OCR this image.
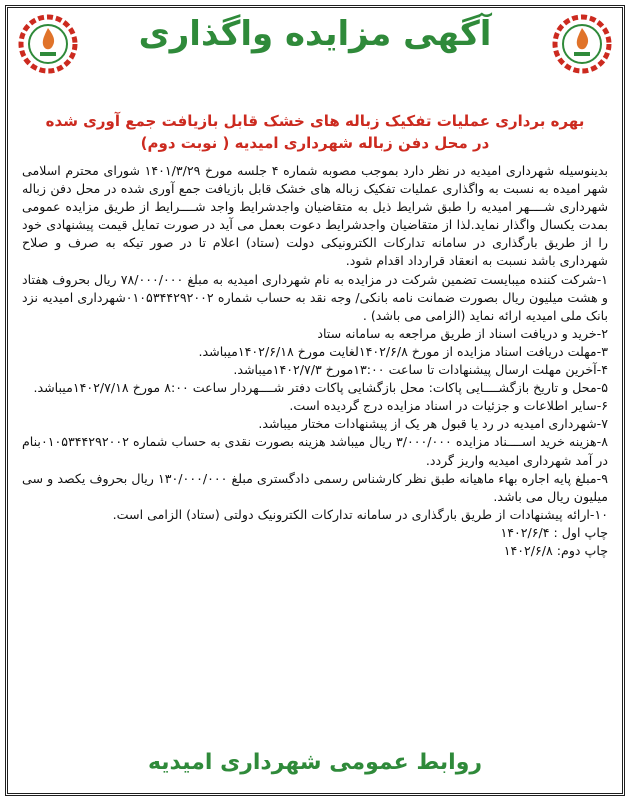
آگهی مزایده واگذاری
بهره برداری عملیات تفکیک زباله های خشک قابل بازیافت جمع آوری شده
در محل دفن زباله شهرداری امیدیه ( نوبت دوم)

بدینوسیله شهرداری امیدیه در نظر دارد بموجب مصوبه شماره ۴ جلسه مورخ ۱۴۰۱/۳/۲۹ شورای محترم اسلامی شهر امیده به نسبت به واگذاری عملیات تفکیک زباله های خشک قابل بازیافت جمع آوری شده در محل دفن زباله شهرداری شــــهر امیدیه را طبق شرایط ذیل به متقاضیان واجدشرایط واجد شــــرایط از طریق مزایده عمومی بمدت یکسال واگذار نماید.لذا از متقاضیان واجدشرایط دعوت بعمل می آید در صورت تمایل قیمت پیشنهادی خود را از طریق بارگذاری در سامانه تدارکات الکترونیکی دولت (ستاد) اعلام تا در صور تیکه به صرف و صلاح شهرداری باشد نسبت به انعقاد قرارداد اقدام شود.

۱-شرکت کننده میبایست تضمین شرکت در مزایده به نام شهرداری امیدیه به مبلغ ۷۸/۰۰۰/۰۰۰ ریال بحروف هفتاد و هشت میلیون ریال بصورت ضمانت نامه بانکی/ وجه نقد به حساب شماره ۰۱۰۵۳۴۴۲۹۲۰۰۲شهرداری امیدیه نزد بانک ملی امیدیه ارائه نماید (الزامی می باشد) .

۲-خرید و دریافت اسناد از طریق مراجعه به سامانه ستاد

۳-مهلت دریافت اسناد مزایده از مورخ ۱۴۰۲/۶/۸لغایت مورخ ۱۴۰۲/۶/۱۸میباشد.

۴-آخرین مهلت ارسال پیشنهادات تا ساعت ۱۳:۰۰مورخ ۱۴۰۲/۷/۳میباشد.

۵-محل و تاریخ بازگشــــایی پاکات: محل بازگشایی پاکات دفتر شــــهردار ساعت ۸:۰۰ مورخ ۱۴۰۲/۷/۱۸میباشد.

۶-سایر اطلاعات و جزئیات در اسناد مزایده درج گردیده است.

۷-شهرداری امیدیه در رد یا قبول هر یک از پیشنهادات مختار میباشد.

۸-هزینه خرید اســــناد مزایده ۳/۰۰۰/۰۰۰ ریال میباشد هزینه بصورت نقدی به حساب شماره ۰۱۰۵۳۴۴۲۹۲۰۰۲بنام در آمد شهرداری امیدیه واریز گردد.

۹-مبلغ پایه اجاره بهاء ماهیانه طبق نظر کارشناس رسمی دادگستری مبلغ ۱۳۰/۰۰۰/۰۰۰ ریال بحروف یکصد و سی میلیون ریال می باشد.

۱۰-ارائه پیشنهادات از طریق بارگذاری در سامانه تدارکات الکترونیک دولتی (ستاد) الزامی است.

چاپ اول : ۱۴۰۲/۶/۴
چاپ دوم: ۱۴۰۲/۶/۸
روابط عمومی شهرداری امیدیه
